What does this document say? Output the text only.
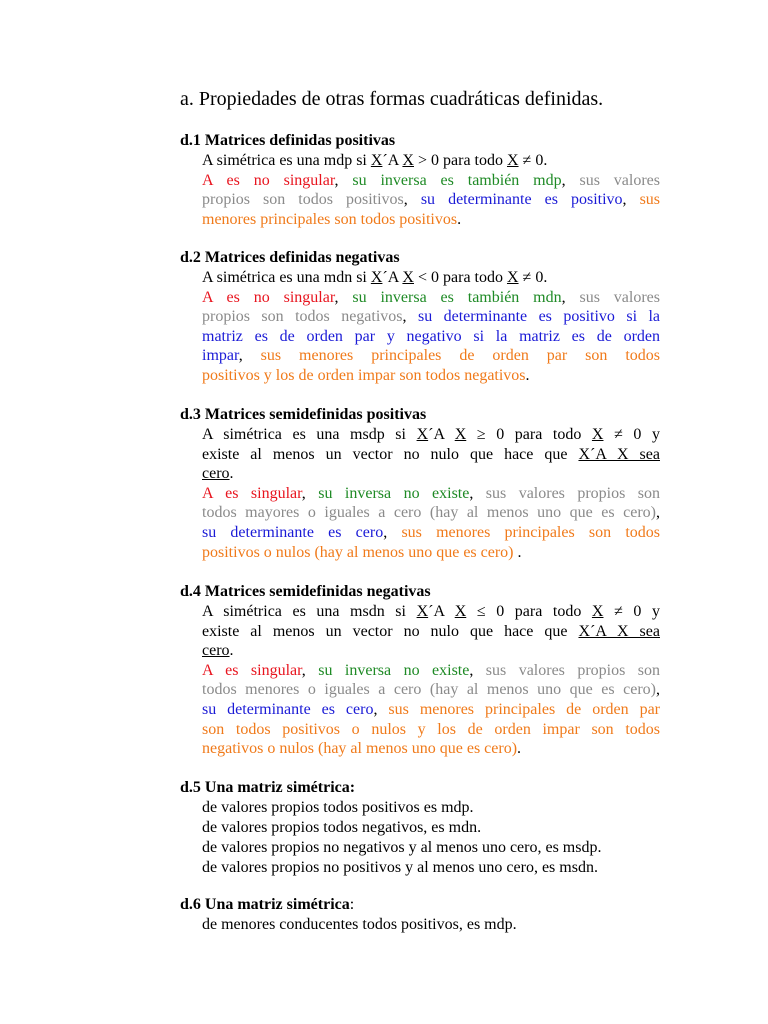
a. Propiedades de otras formas cuadráticas definidas.
d.1 Matrices definidas positivas
A simétrica es una mdp si X´A X > 0 para todo X ≠ 0.
A es no singular, su inversa es también mdp, sus valores
propios son todos positivos, su determinante es positivo, sus
menores principales son todos positivos.
d.2 Matrices definidas negativas
A simétrica es una mdn si X´A X < 0 para todo X ≠ 0.
A es no singular, su inversa es también mdn, sus valores
propios son todos negativos, su determinante es positivo si la
matriz es de orden par y negativo si la matriz es de orden
impar, sus menores principales de orden par son todos
positivos y los de orden impar son todos negativos.
d.3 Matrices semidefinidas positivas
A simétrica es una msdp si X´A X ≥ 0 para todo X ≠ 0 y
existe al menos un vector no nulo que hace que X´A X sea
cero.
A es singular, su inversa no existe, sus valores propios son
todos mayores o iguales a cero (hay al menos uno que es cero),
su determinante es cero, sus menores principales son todos
positivos o nulos (hay al menos uno que es cero) .
d.4 Matrices semidefinidas negativas
A simétrica es una msdn si X´A X ≤ 0 para todo X ≠ 0 y
existe al menos un vector no nulo que hace que X´A X sea
cero.
A es singular, su inversa no existe, sus valores propios son
todos menores o iguales a cero (hay al menos uno que es cero),
su determinante es cero, sus menores principales de orden par
son todos positivos o nulos y los de orden impar son todos
negativos o nulos (hay al menos uno que es cero).
d.5 Una matriz simétrica:
de valores propios todos positivos es mdp.
de valores propios todos negativos, es mdn.
de valores propios no negativos y al menos uno cero, es msdp.
de valores propios no positivos y al menos uno cero, es msdn.
d.6 Una matriz simétrica:
de menores conducentes todos positivos, es mdp.
